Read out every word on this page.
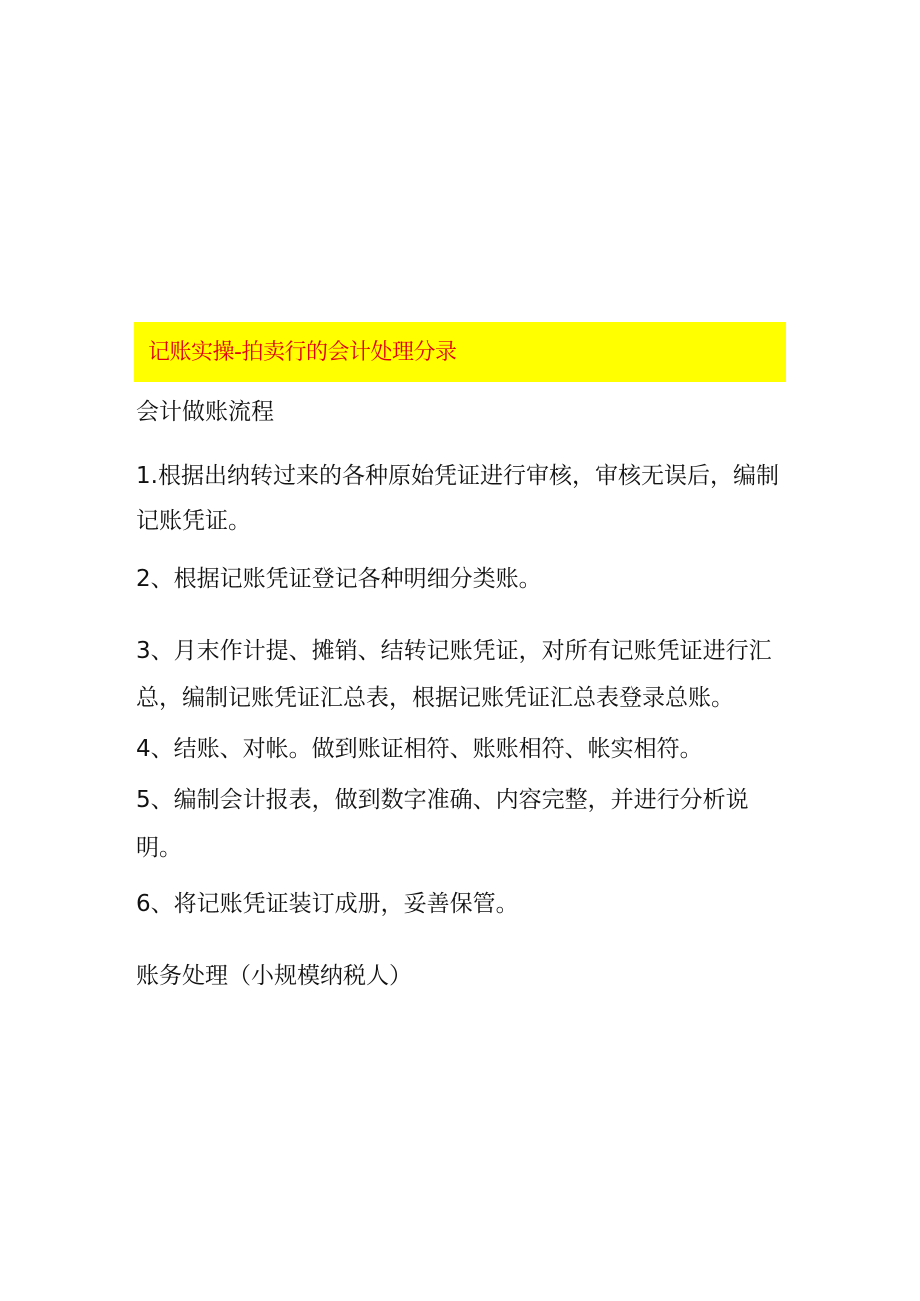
记账实操-拍卖行的会计处理分录
会计做账流程
1.根据出纳转过来的各种原始凭证进行审核，审核无误后，编制
记账凭证。
2、根据记账凭证登记各种明细分类账。
3、月末作计提、摊销、结转记账凭证，对所有记账凭证进行汇
总，编制记账凭证汇总表，根据记账凭证汇总表登录总账。
4、结账、对帐。做到账证相符、账账相符、帐实相符。
5、编制会计报表，做到数字准确、内容完整，并进行分析说
明。
6、将记账凭证装订成册，妥善保管。
账务处理（小规模纳税人）
